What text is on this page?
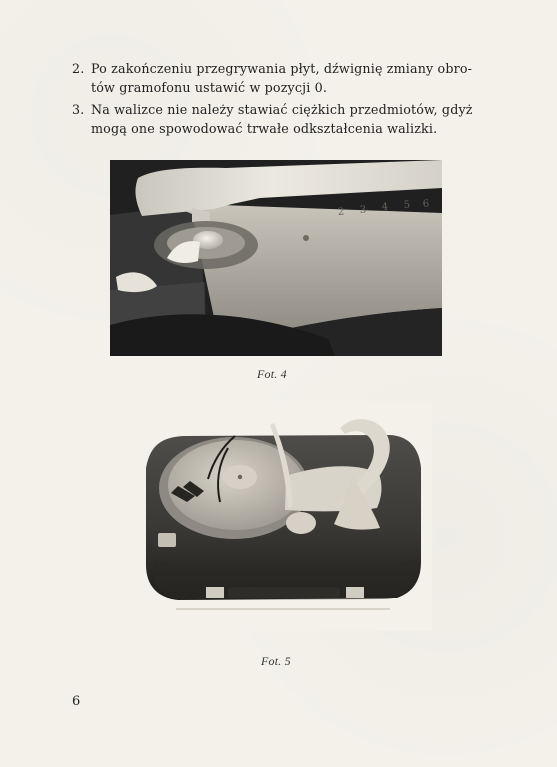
2. Po zakończeniu przegrywania płyt, dźwignię zmiany obro-
tów gramofonu ustawić w pozycji 0.
3. Na walizce nie należy stawiać ciężkich przedmiotów, gdyż
mogą one spowodować trwałe odkształcenia walizki.
2 3 4 5 6
Fot. 4
Fot. 5
6
